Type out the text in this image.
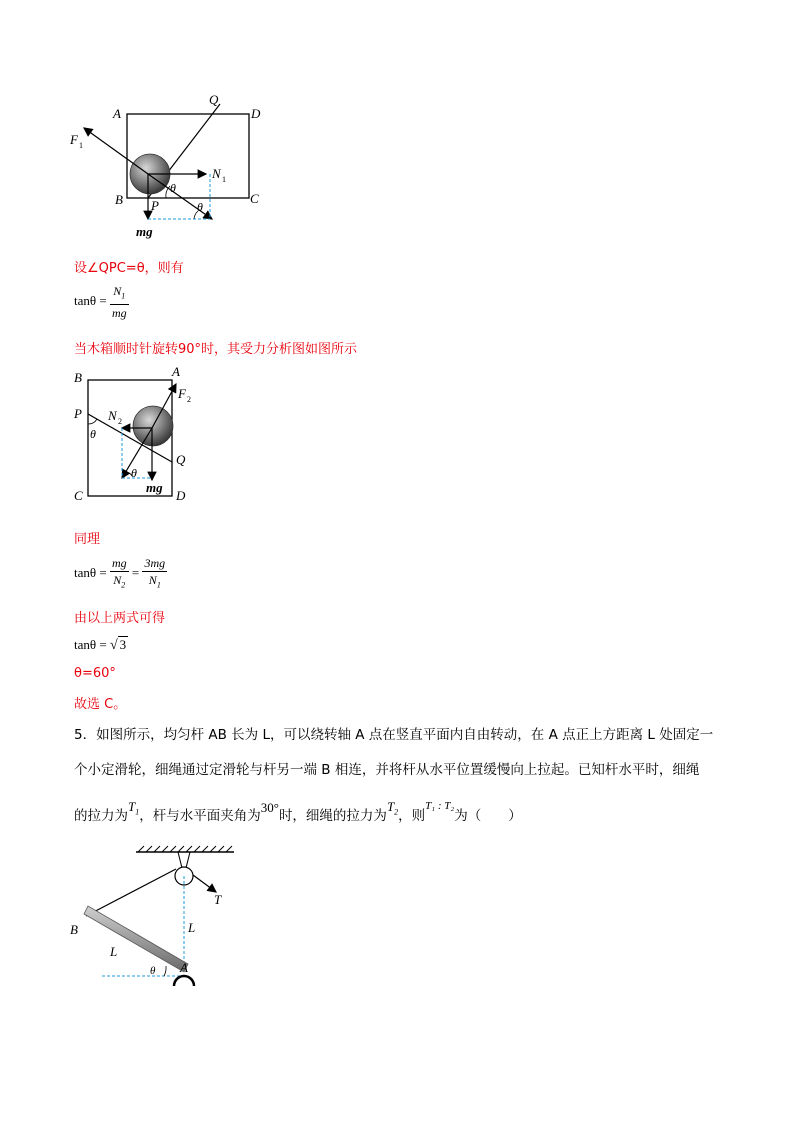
A
Q
D
F 1
N 1
θ
θ
B P	C
mg
设∠QPC=θ，则有
$\tan\theta = \frac{N_1}{mg}$
当木箱顺时针旋转90°时，其受力分析图如图所示
B	A
F 2
P N 2
θ
Q
θ
mg
C	D
同理
$\tan\theta = \frac{mg}{N_2} = \frac{3mg}{N_1}$
由以上两式可得
tanθ = √ 3
θ=60°
故选 C。
5．如图所示，均匀杆 AB 长为 L，可以绕转轴 A 点在竖直平面内自由转动，在 A 点正上方距离 L 处固定一
个小定滑轮，细绳通过定滑轮与杆另一端 B 相连，并将杆从水平位置缓慢向上拉起。已知杆水平时，细绳
的拉力为$T_1$，杆与水平面夹角为30°时，细绳的拉力为$T_2$，则$^{T_1 : T_2}$为（　　）
T
B	L
L
θ A
